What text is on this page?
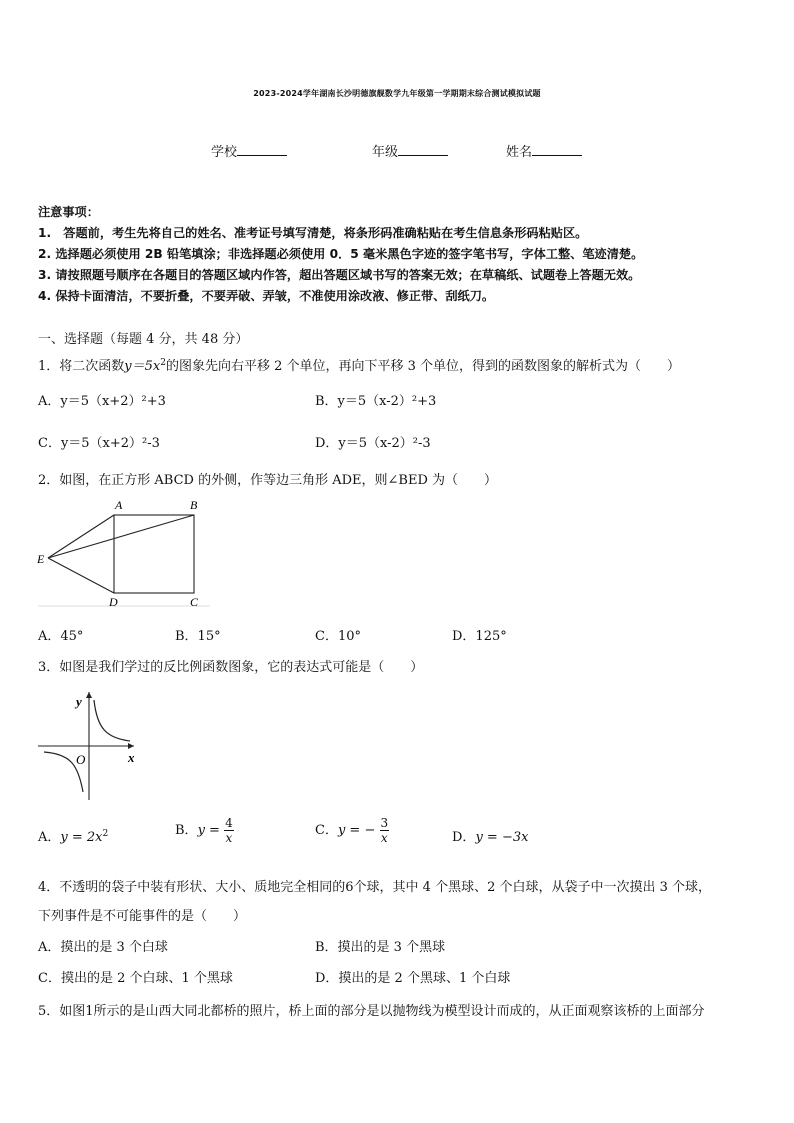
2023-2024学年湖南长沙明德旗舰数学九年级第一学期期末综合测试模拟试题
学校	年级	姓名
注意事项：
1.　答题前，考生先将自己的姓名、准考证号填写清楚，将条形码准确粘贴在考生信息条形码粘贴区。
2. 选择题必须使用 2B 铅笔填涂；非选择题必须使用 0．5 毫米黑色字迹的签字笔书写，字体工整、笔迹清楚。
3. 请按照题号顺序在各题目的答题区域内作答，超出答题区域书写的答案无效；在草稿纸、试题卷上答题无效。
4. 保持卡面清洁，不要折叠，不要弄破、弄皱，不准使用涂改液、修正带、刮纸刀。
一、选择题（每题 4 分，共 48 分）
1．将二次函数$y=5x^2$的图象先向右平移 2 个单位，再向下平移 3 个单位，得到的函数图象的解析式为（　　）
A．y＝5（x+2）²+3	B．y＝5（x-2）²+3
C．y＝5（x+2）²-3	D．y＝5（x-2）²-3
2．如图，在正方形 ABCD 的外侧，作等边三角形 ADE，则∠BED 为（　　）
A	B
C
D
E
A．45°	B．15°	C．10°	D．125°
3．如图是我们学过的反比例函数图象，它的表达式可能是（　　）
y
x
O
A．$y = 2x^2$	B．$y = \frac{4}{x}$	C．y = − $\frac{3}{x}$	D．y = −3x
4．不透明的袋子中装有形状、大小、质地完全相同的6个球，其中 4 个黑球、2 个白球，从袋子中一次摸出 3 个球，
下列事件是不可能事件的是（　　）
A．摸出的是 3 个白球	B．摸出的是 3 个黑球
C．摸出的是 2 个白球、1 个黑球	D．摸出的是 2 个黑球、1 个白球
5．如图1所示的是山西大同北都桥的照片，桥上面的部分是以抛物线为模型设计而成的，从正面观察该桥的上面部分
